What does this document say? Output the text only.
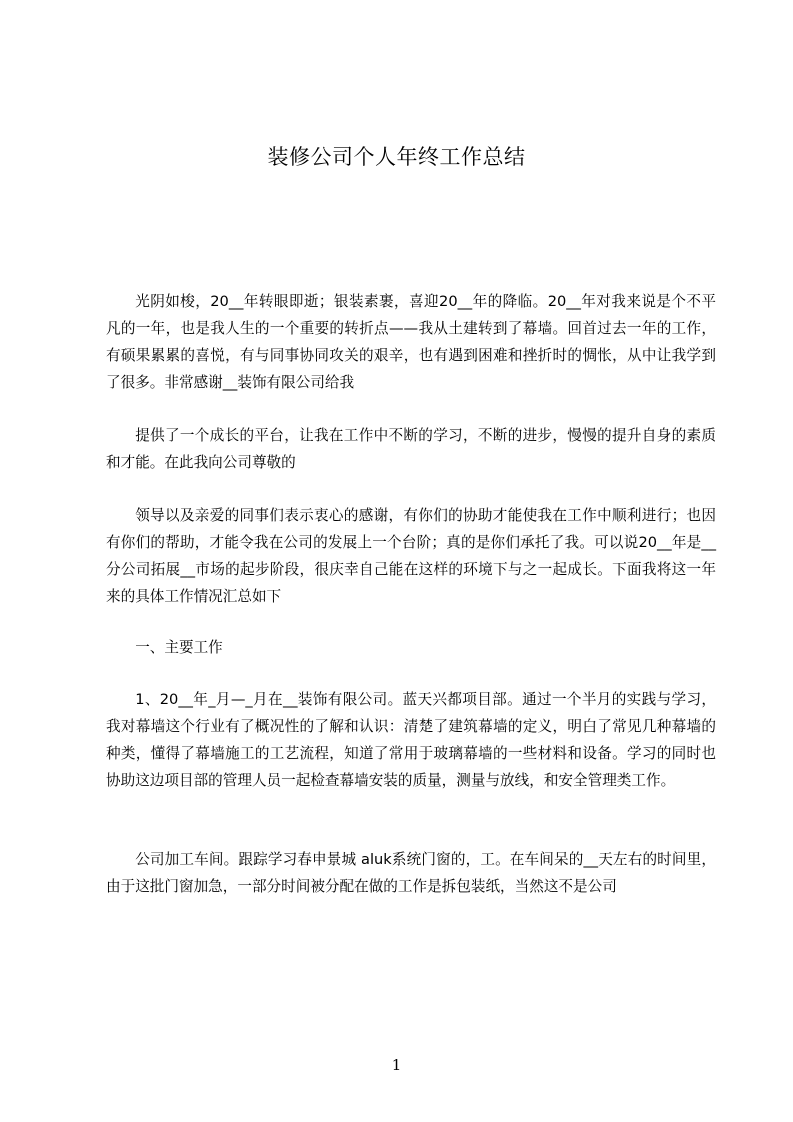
装修公司个人年终工作总结

光阴如梭，20__年转眼即逝；银装素裹，喜迎20__年的降临。20__年对我来说是个不平凡的一年，也是我人生的一个重要的转折点——我从土建转到了幕墙。回首过去一年的工作，有硕果累累的喜悦，有与同事协同攻关的艰辛，也有遇到困难和挫折时的惆怅，从中让我学到了很多。非常感谢__装饰有限公司给我

提供了一个成长的平台，让我在工作中不断的学习，不断的进步，慢慢的提升自身的素质和才能。在此我向公司尊敬的

领导以及亲爱的同事们表示衷心的感谢，有你们的协助才能使我在工作中顺利进行；也因有你们的帮助，才能令我在公司的发展上一个台阶；真的是你们承托了我。可以说20__年是__分公司拓展__市场的起步阶段，很庆幸自己能在这样的环境下与之一起成长。下面我将这一年来的具体工作情况汇总如下

一、主要工作

1、20__年_月—_月在__装饰有限公司。蓝天兴都项目部。通过一个半月的实践与学习，我对幕墙这个行业有了概况性的了解和认识：清楚了建筑幕墙的定义，明白了常见几种幕墙的种类，懂得了幕墙施工的工艺流程，知道了常用于玻璃幕墙的一些材料和设备。学习的同时也协助这边项目部的管理人员一起检查幕墙安装的质量，测量与放线，和安全管理类工作。

公司加工车间。跟踪学习春申景城 aluk系统门窗的，工。在车间呆的__天左右的时间里，由于这批门窗加急，一部分时间被分配在做的工作是拆包装纸，当然这不是公司

1
